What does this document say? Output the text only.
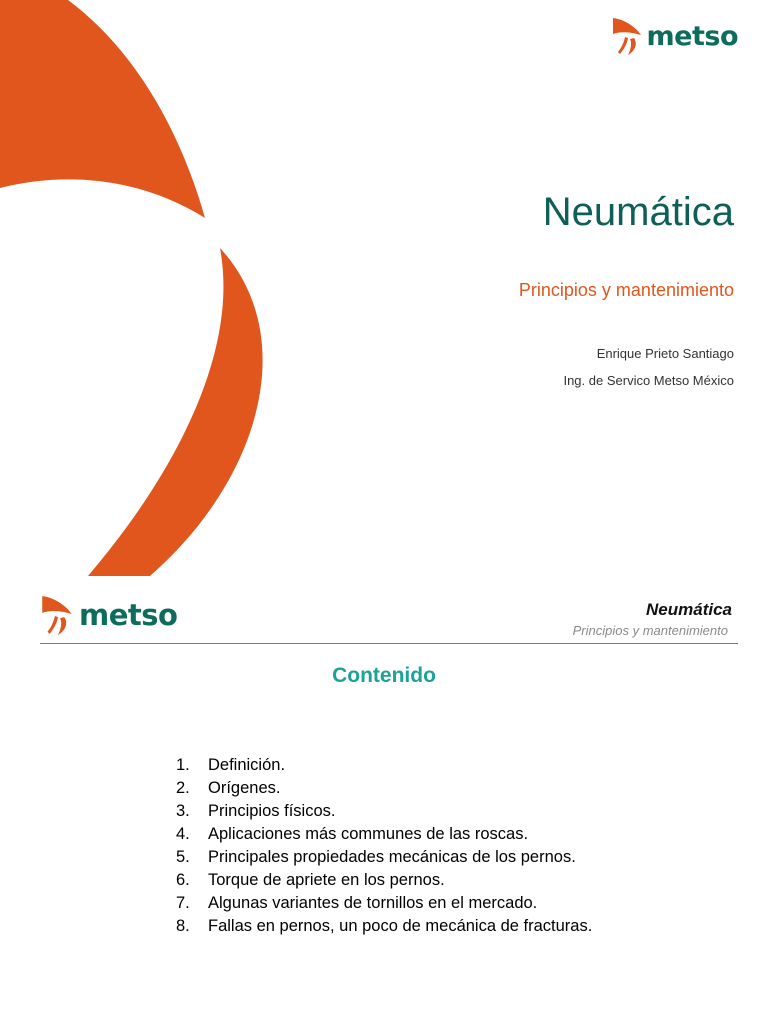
metso
Neumática
Principios y mantenimiento
Enrique Prieto Santiago
Ing. de Servico Metso México
metso	Neumática
Principios y mantenimiento
Contenido
1.	Definición.
2.	Orígenes.
3.	Principios físicos.
4.	Aplicaciones más communes de las roscas.
5.	Principales propiedades mecánicas de los pernos.
6.	Torque de apriete en los pernos.
7.	Algunas variantes de tornillos en el mercado.
8.	Fallas en pernos, un poco de mecánica de fracturas.
